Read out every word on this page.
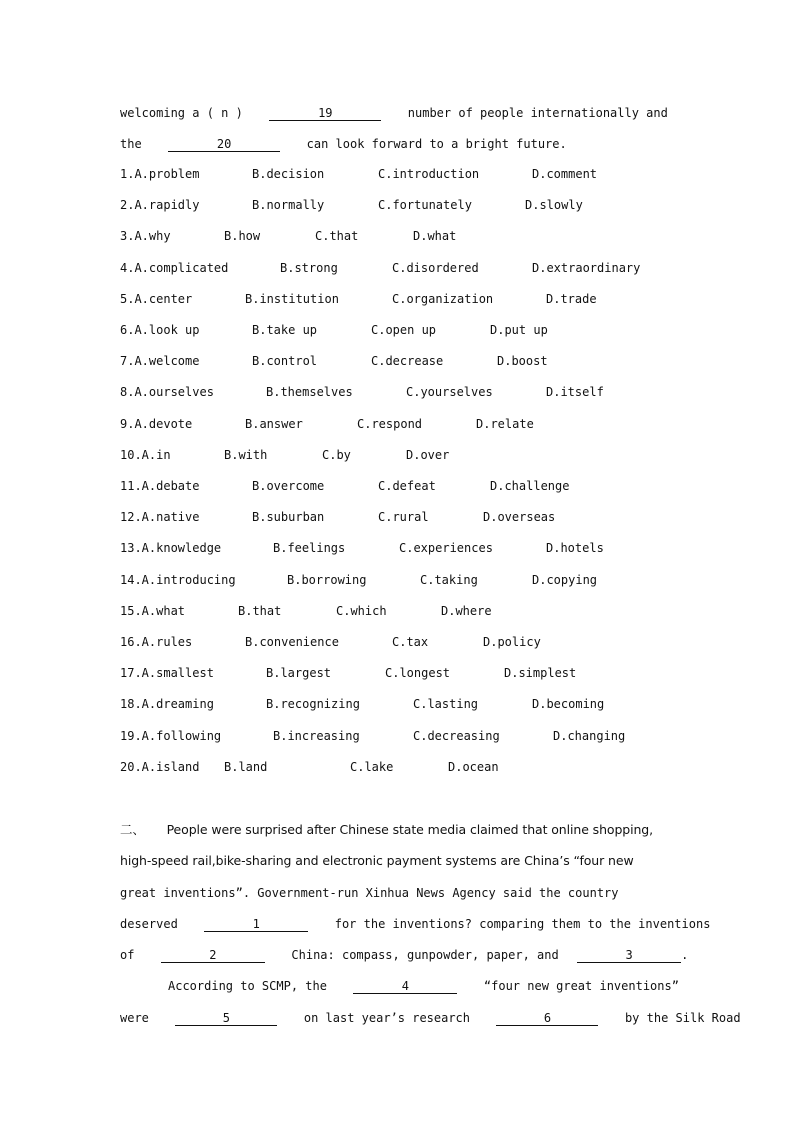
welcoming a ( n )	19	number of people internationally and
the	20	can look forward to a bright future.
1.A.problem	B.decision	C.introduction	D.comment
2.A.rapidly	B.normally	C.fortunately	D.slowly
3.A.why	B.how	C.that	D.what
4.A.complicated	B.strong	C.disordered	D.extraordinary
5.A.center	B.institution	C.organization	D.trade
6.A.look up	B.take up	C.open up	D.put up
7.A.welcome	B.control	C.decrease	D.boost
8.A.ourselves	B.themselves	C.yourselves	D.itself
9.A.devote	B.answer	C.respond	D.relate
10.A.in	B.with	C.by	D.over
11.A.debate	B.overcome	C.defeat	D.challenge
12.A.native	B.suburban	C.rural	D.overseas
13.A.knowledge	B.feelings	C.experiences	D.hotels
14.A.introducing	B.borrowing	C.taking	D.copying
15.A.what	B.that	C.which	D.where
16.A.rules	B.convenience	C.tax	D.policy
17.A.smallest	B.largest	C.longest	D.simplest
18.A.dreaming	B.recognizing	C.lasting	D.becoming
19.A.following	B.increasing	C.decreasing	D.changing
20.A.island B.land	C.lake	D.ocean
二、 People were surprised after Chinese state media claimed that online shopping,
high-speed rail,bike-sharing and electronic payment systems are China’s “four new
great inventions”. Government-run Xinhua News Agency said the country
deserved	1	for the inventions? comparing them to the inventions
of	2	China: compass, gunpowder, paper, and	3	.
According to SCMP, the	4	“four new great inventions”
were	5	on last year’s research	6	by the Silk Road
